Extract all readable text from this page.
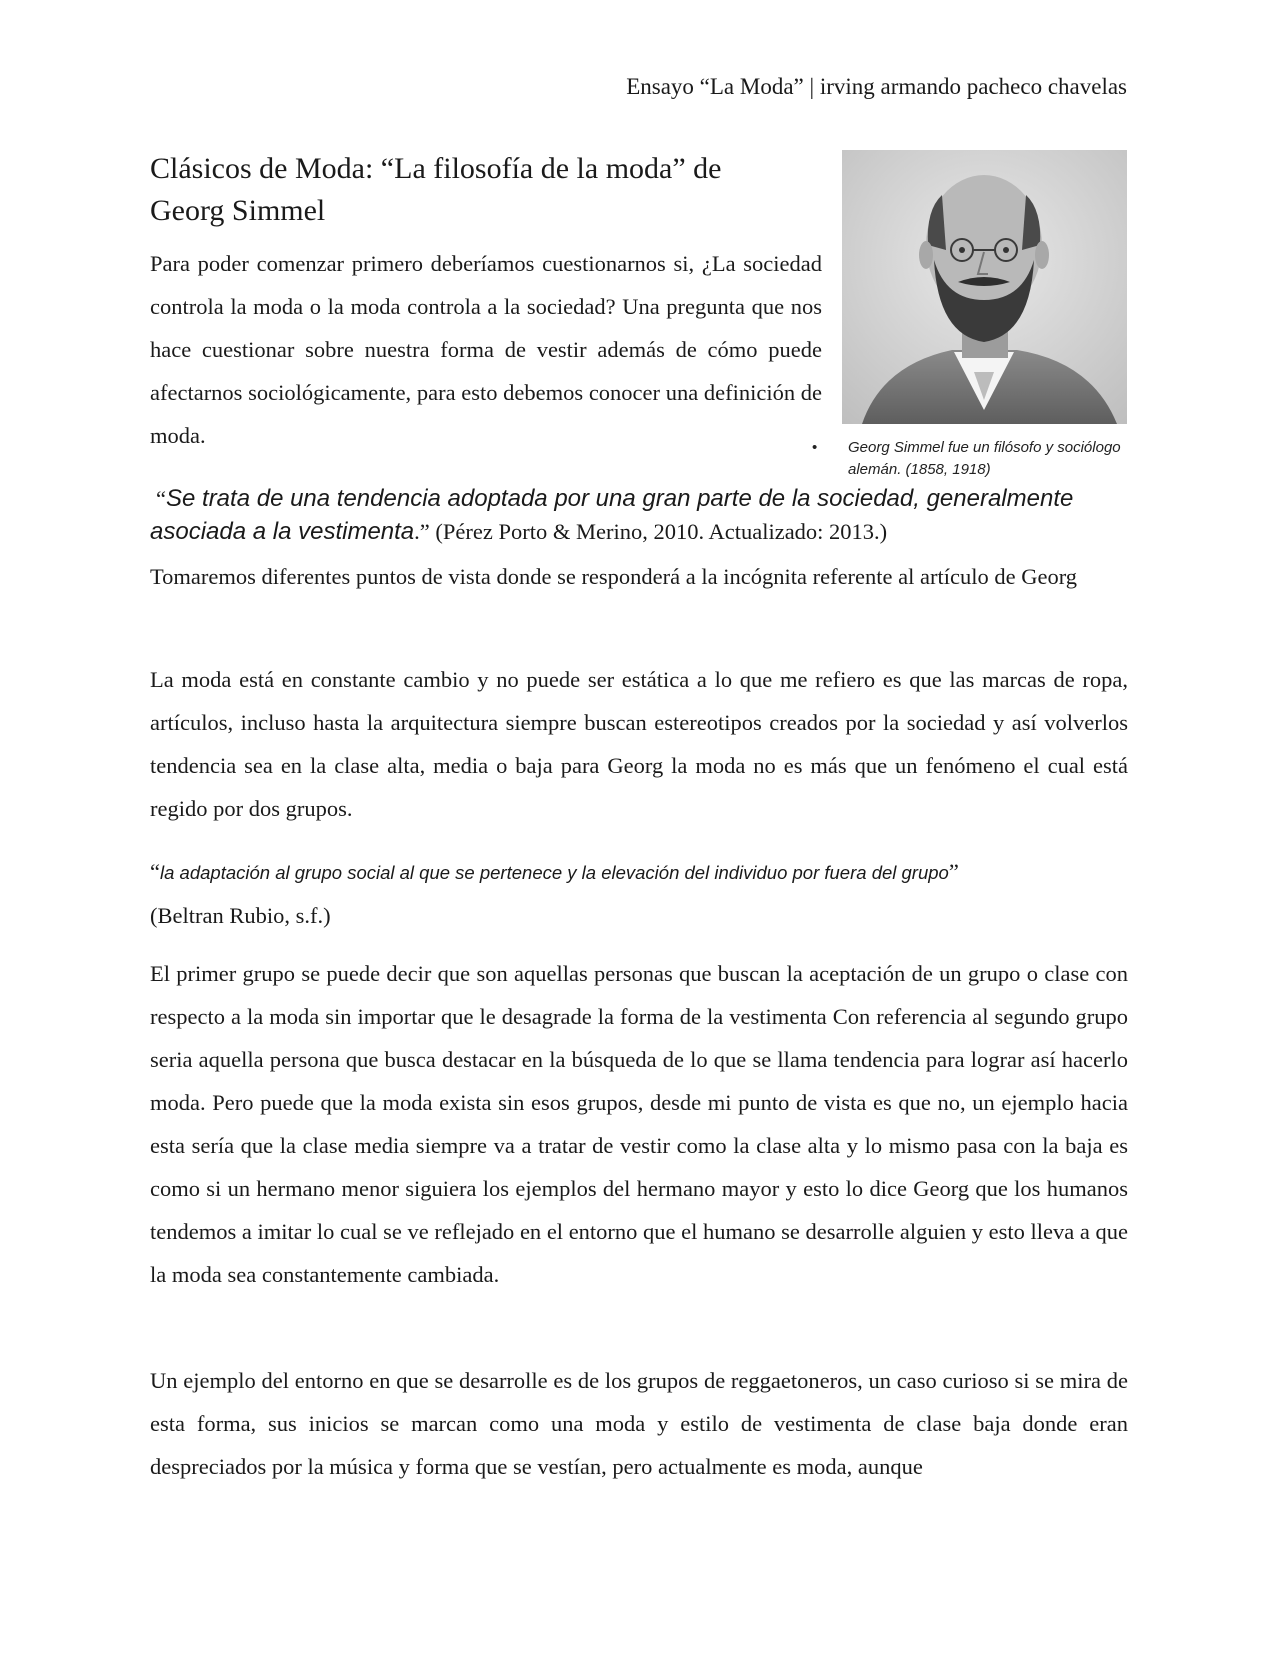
Ensayo “La Moda” | irving armando pacheco chavelas
Clásicos de Moda: “La filosofía de la moda” de Georg Simmel

Para poder comenzar primero deberíamos cuestionarnos si, ¿La sociedad controla la moda o la moda controla a la sociedad? Una pregunta que nos hace cuestionar sobre nuestra forma de vestir además de cómo puede afectarnos sociológicamente, para esto debemos conocer una definición de moda.	• Georg Simmel fue un filósofo y sociólogo alemán. (1858, 1918)

“Se trata de una tendencia adoptada por una gran parte de la sociedad, generalmente asociada a la vestimenta.” (Pérez Porto & Merino, 2010. Actualizado: 2013.)

Tomaremos diferentes puntos de vista donde se responderá a la incógnita referente al artículo de Georg

La moda está en constante cambio y no puede ser estática a lo que me refiero es que las marcas de ropa, artículos, incluso hasta la arquitectura siempre buscan estereotipos creados por la sociedad y así volverlos tendencia sea en la clase alta, media o baja para Georg la moda no es más que un fenómeno el cual está regido por dos grupos.

“la adaptación al grupo social al que se pertenece y la elevación del individuo por fuera del grupo”
(Beltran Rubio, s.f.)

El primer grupo se puede decir que son aquellas personas que buscan la aceptación de un grupo o clase con respecto a la moda sin importar que le desagrade la forma de la vestimenta Con referencia al segundo grupo seria aquella persona que busca destacar en la búsqueda de lo que se llama tendencia para lograr así hacerlo moda. Pero puede que la moda exista sin esos grupos, desde mi punto de vista es que no, un ejemplo hacia esta sería que la clase media siempre va a tratar de vestir como la clase alta y lo mismo pasa con la baja es como si un hermano menor siguiera los ejemplos del hermano mayor y esto lo dice Georg que los humanos tendemos a imitar lo cual se ve reflejado en el entorno que el humano se desarrolle alguien y esto lleva a que la moda sea constantemente cambiada.

Un ejemplo del entorno en que se desarrolle es de los grupos de reggaetoneros, un caso curioso si se mira de esta forma, sus inicios se marcan como una moda y estilo de vestimenta de clase baja donde eran despreciados por la música y forma que se vestían, pero actualmente es moda, aunque
